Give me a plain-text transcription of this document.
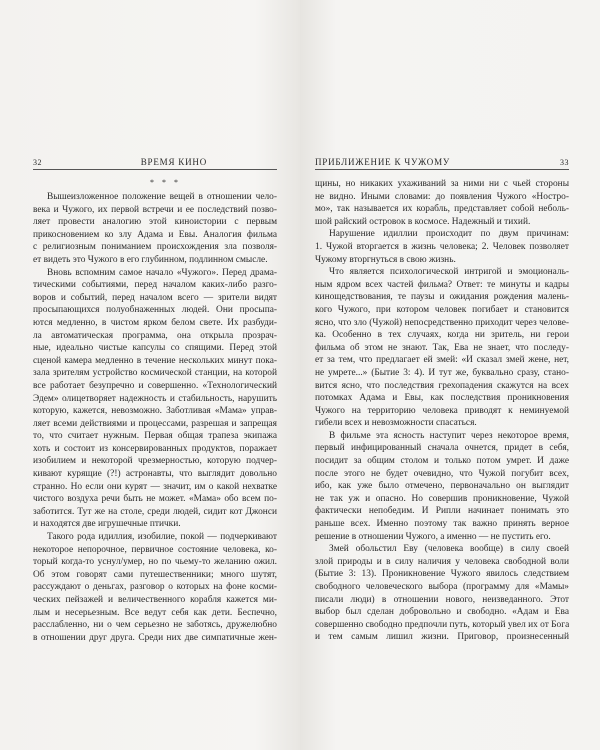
32	ВРЕМЯ КИНО
* * *
Вышеизложенное положение вещей в отношении чело-
века и Чужого, их первой встречи и ее последствий позво-
ляет провести аналогию этой киноистории с первым
прикосновением ко злу Адама и Евы. Аналогия фильма
с религиозным пониманием происхождения зла позволя-
ет видеть это Чужого в его глубинном, подлинном смысле.
Вновь вспомним самое начало «Чужого». Перед драма-
тическими событиями, перед началом каких-либо разго-
воров и событий, перед началом всего — зрители видят
просыпающихся полуобнаженных людей. Они просыпа-
ются медленно, в чистом ярком белом свете. Их разбуди-
ла автоматическая программа, она открыла прозрач-
ные, идеально чистые капсулы со спящими. Перед этой
сценой камера медленно в течение нескольких минут пока-
зала зрителям устройство космической станции, на которой
все работает безупречно и совершенно. «Технологический
Эдем» олицетворяет надежность и стабильность, нарушить
которую, кажется, невозможно. Заботливая «Мама» управ-
ляет всеми действиями и процессами, разрешая и запрещая
то, что считает нужным. Первая общая трапеза экипажа
хоть и состоит из консервированных продуктов, поражает
изобилием и некоторой чрезмерностью, которую подчер-
кивают курящие (?!) астронавты, что выглядит довольно
странно. Но если они курят — значит, им о какой нехватке
чистого воздуха речи быть не может. «Мама» обо всем по-
заботится. Тут же на столе, среди людей, сидит кот Джонси
и находятся две игрушечные птички.
Такого рода идиллия, изобилие, покой — подчеркивают
некоторое непорочное, первичное состояние человека, ко-
торый когда-то уснул/умер, но по чьему-то желанию ожил.
Об этом говорят сами путешественники; много шутят,
рассуждают о деньгах, разговор о которых на фоне косми-
ческих пейзажей и величественного корабля кажется ми-
лым и несерьезным. Все ведут себя как дети. Беспечно,
расслабленно, ни о чем серьезно не заботясь, дружелюбно
в отношении друг друга. Среди них две симпатичные жен-
ПРИБЛИЖЕНИЕ К ЧУЖОМУ	33
щины, но никаких ухаживаний за ними ни с чьей стороны
не видно. Иными словами: до появления Чужого «Ностро-
мо», так называется их корабль, представляет собой неболь-
шой райский островок в космосе. Надежный и тихий.
Нарушение идиллии происходит по двум причинам:
1. Чужой вторгается в жизнь человека; 2. Человек позволяет
Чужому вторгнуться в свою жизнь.
Что является психологической интригой и эмоциональ-
ным ядром всех частей фильма? Ответ: те минуты и кадры
кинощедствования, те паузы и ожидания рождения малень-
кого Чужого, при котором человек погибает и становится
ясно, что зло (Чужой) непосредственно приходит через челове-
ка. Особенно в тех случаях, когда ни зритель, ни герои
фильма об этом не знают. Так, Ева не знает, что последу-
ет за тем, что предлагает ей змей: «И сказал змей жене, нет,
не умрете...» (Бытие 3: 4). И тут же, буквально сразу, стано-
вится ясно, что последствия грехопадения скажутся на всех
потомках Адама и Евы, как последствия проникновения
Чужого на территорию человека приводят к неминуемой
гибели всех и невозможности спасаться.
В фильме эта ясность наступит через некоторое время,
первый инфицированный сначала очнется, придет в себя,
посидит за общим столом и только потом умрет. И даже
после этого не будет очевидно, что Чужой погубит всех,
ибо, как уже было отмечено, первоначально он выглядит
не так уж и опасно. Но совершив проникновение, Чужой
фактически непобедим. И Рипли начинает понимать это
раньше всех. Именно поэтому так важно принять верное
решение в отношении Чужого, а именно — не пустить его.
Змей обольстил Еву (человека вообще) в силу своей
злой природы и в силу наличия у человека свободной воли
(Бытие 3: 13). Проникновение Чужого явилось следствием
свободного человеческого выбора (программу для «Мамы»
писали люди) в отношении нового, неизведанного. Этот
выбор был сделан добровольно и свободно. «Адам и Ева
совершенно свободно предпочли путь, который увел их от Бога
и тем самым лишил жизни. Приговор, произнесенный
